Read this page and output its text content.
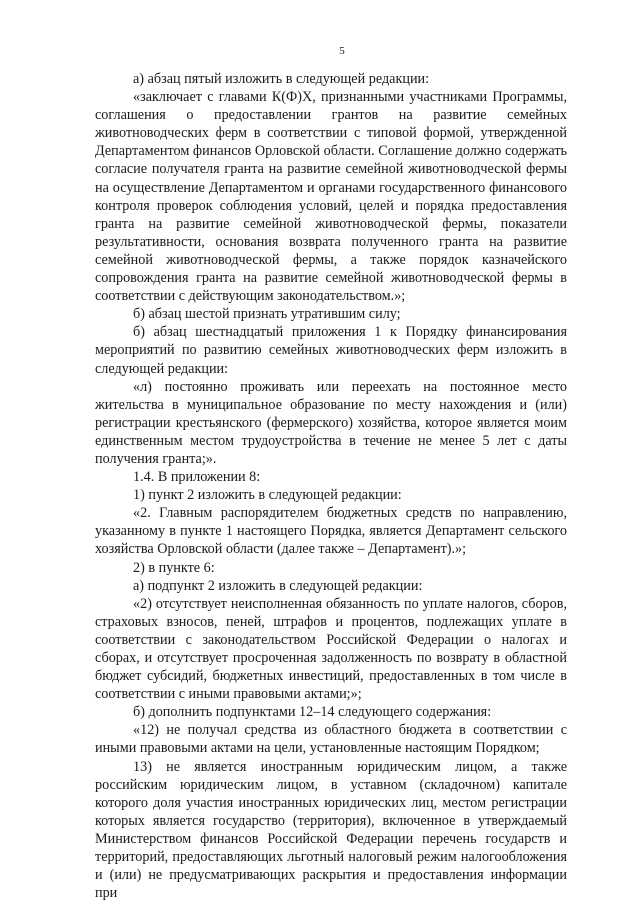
5

а) абзац пятый изложить в следующей редакции:

«заключает с главами К(Ф)Х, признанными участниками Программы, соглашения о предоставлении грантов на развитие семейных животноводческих ферм в соответствии с типовой формой, утвержденной Департаментом финансов Орловской области. Соглашение должно содержать согласие получателя гранта на развитие семейной животноводческой фермы на осуществление Департаментом и органами государственного финансового контроля проверок соблюдения условий, целей и порядка предоставления гранта на развитие семейной животноводческой фермы, показатели результативности, основания возврата полученного гранта на развитие семейной животноводческой фермы, а также порядок казначейского сопровождения гранта на развитие семейной животноводческой фермы в соответствии с действующим законодательством.»;

б) абзац шестой признать утратившим силу;

б) абзац шестнадцатый приложения 1 к Порядку финансирования мероприятий по развитию семейных животноводческих ферм изложить в следующей редакции:

«л) постоянно проживать или переехать на постоянное место жительства в муниципальное образование по месту нахождения и (или) регистрации крестьянского (фермерского) хозяйства, которое является моим единственным местом трудоустройства в течение не менее 5 лет с даты получения гранта;».

1.4. В приложении 8:

1) пункт 2 изложить в следующей редакции:

«2. Главным распорядителем бюджетных средств по направлению, указанному в пункте 1 настоящего Порядка, является Департамент сельского хозяйства Орловской области (далее также – Департамент).»;

2) в пункте 6:

а) подпункт 2 изложить в следующей редакции:

«2) отсутствует неисполненная обязанность по уплате налогов, сборов, страховых взносов, пеней, штрафов и процентов, подлежащих уплате в соответствии с законодательством Российской Федерации о налогах и сборах, и отсутствует просроченная задолженность по возврату в областной бюджет субсидий, бюджетных инвестиций, предоставленных в том числе в соответствии с иными правовыми актами;»;

б) дополнить подпунктами 12–14 следующего содержания:

«12) не получал средства из областного бюджета в соответствии с иными правовыми актами на цели, установленные настоящим Порядком;

13) не является иностранным юридическим лицом, а также российским юридическим лицом, в уставном (складочном) капитале которого доля участия иностранных юридических лиц, местом регистрации которых является государство (территория), включенное в утверждаемый Министерством финансов Российской Федерации перечень государств и территорий, предоставляющих льготный налоговый режим налогообложения и (или) не предусматривающих раскрытия и предоставления информации при
